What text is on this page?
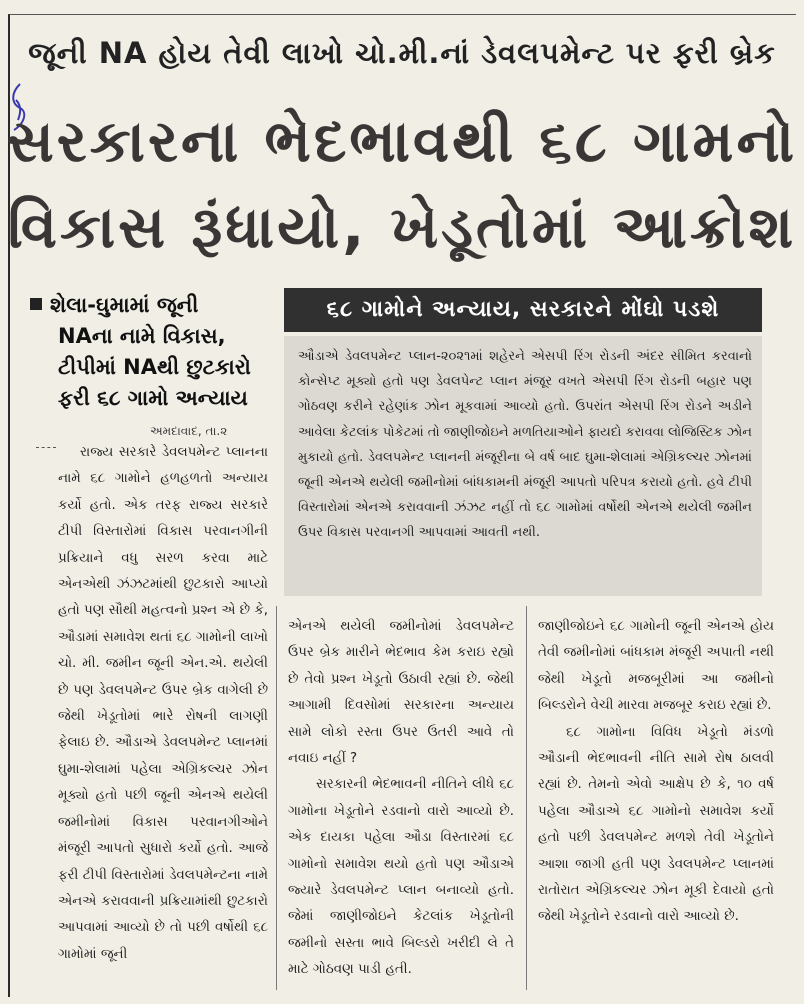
જૂની NA હોય તેવી લાખો ચો.મી.નાં ડેવલપમેન્ટ પર ફરી બ્રેક
સરકારના ભેદભાવથી ૬૮ ગામનો
વિકાસ રૂંધાયો, ખેડૂતોમાં આક્રોશ
શેલા-ઘુમામાં જૂની
NAના નામે વિકાસ,
ટીપીમાં NAથી છુટકારો
ફરી ૬૮ ગામો અન્યાય
૬૮ ગામોને અન્યાય, સરકારને મોંઘો પડશે
ઔડાએ ડેવલપમેન્ટ પ્લાન-૨૦૨૧માં શહેરને એસપી રિંગ રોડની અંદર સીમિત કરવાનો કોન્સેપ્ટ મૂક્યો હતો પણ ડેવલપેન્ટ પ્લાન મંજૂર વખતે એસપી રિંગ રોડની બહાર પણ ગોઠવણ કરીને રહેણાંક ઝોન મૂકવામાં આવ્યો હતો. ઉપરાંત એસપી રિંગ રોડને અડીને આવેલા કેટલાંક પોકેટમાં તો જાણીજોઇને મળતિયાઓને ફાયદો કરાવવા લોજિસ્ટિક ઝોન મુકાયો હતો. ડેવલપમેન્ટ પ્લાનની મંજૂરીના બે વર્ષ બાદ ઘુમા-શેલામાં એગ્રિકલ્ચર ઝોનમાં જૂની એનએ થયેલી જમીનોમાં બાંધકામની મંજૂરી આપતો પરિપત્ર કરાયો હતો. હવે ટીપી વિસ્તારોમાં એનએ કરાવવાની ઝંઝટ નહીં તો ૬૮ ગામોમાં વર્ષોથી એનએ થયેલી જમીન ઉપર વિકાસ પરવાનગી આપવામાં આવતી નથી.
અમદાવાદ, તા.૨

રાજ્ય સરકારે ડેવલપમેન્ટ પ્લાનના નામે ૬૮ ગામોને હળહળતો અન્યાય કર્યો હતો. એક તરફ રાજ્ય સરકારે ટીપી વિસ્તારોમાં વિકાસ પરવાનગીની પ્રક્રિયાને વધુ સરળ કરવા માટે એનએથી ઝંઝટમાંથી છુટકારો આપ્યો હતો પણ સૌથી મહત્વનો પ્રશ્ન એ છે કે, ઔડામાં સમાવેશ થતાં ૬૮ ગામોની લાખો ચો. મી. જમીન જૂની એન.એ. થયેલી છે પણ ડેવલપમેન્ટ ઉપર બ્રેક વાગેલી છે જેથી ખેડૂતોમાં ભારે રોષની લાગણી ફેલાઇ છે. ઔડાએ ડેવલપમેન્ટ પ્લાનમાં ઘુમા-શેલામાં પહેલા એગ્રિકલ્ચર ઝોન મૂક્યો હતો પછી જૂની એનએ થયેલી જમીનોમાં વિકાસ પરવાનગીઓને મંજૂરી આપતો સુધારો કર્યો હતો. આજે ફરી ટીપી વિસ્તારોમાં ડેવલપમેન્ટના નામે એનએ કરાવવાની પ્રક્રિયામાંથી છુટકારો આપવામાં આવ્યો છે તો પછી વર્ષોથી ૬૮ ગામોમાં જૂની

એનએ થયેલી જમીનોમાં ડેવલપમેન્ટ ઉપર બ્રેક મારીને ભેદભાવ કેમ કરાઇ રહ્યો છે તેવો પ્રશ્ન ખેડૂતો ઉઠાવી રહ્યાં છે. જેથી આગામી દિવસોમાં સરકારના અન્યાય સામે લોકો રસ્તા ઉપર ઉતરી આવે તો નવાઇ નહીં ?

સરકારની ભેદભાવની નીતિને લીધે ૬૮ ગામોના ખેડૂતોને રડવાનો વારો આવ્યો છે. એક દાયકા પહેલા ઔડા વિસ્તારમાં ૬૮ ગામોનો સમાવેશ થયો હતો પણ ઔડાએ જ્યારે ડેવલપમેન્ટ પ્લાન બનાવ્યો હતો. જેમાં જાણીજોઇને કેટલાંક ખેડૂતોની જમીનો સસ્તા ભાવે બિલ્ડરો ખરીદી લે તે માટે ગોઠવણ પાડી હતી.

જાણીજોઇને ૬૮ ગામોની જૂની એનએ હોય તેવી જમીનોમાં બાંધકામ મંજૂરી અપાતી નથી જેથી ખેડૂતો મજબૂરીમાં આ જમીનો બિલ્ડરોને વેચી મારવા મજબૂર કરાઇ રહ્યાં છે.

૬૮ ગામોના વિવિધ ખેડૂતો મંડળો ઔડાની ભેદભાવની નીતિ સામે રોષ ઠાલવી રહ્યાં છે. તેમનો એવો આક્ષેપ છે કે, ૧૦ વર્ષ પહેલા ઔડાએ ૬૮ ગામોનો સમાવેશ કર્યો હતો પછી ડેવલપમેન્ટ મળશે તેવી ખેડૂતોને આશા જાગી હતી પણ ડેવલપમેન્ટ પ્લાનમાં રાતોરાત એગ્રિકલ્ચર ઝોન મૂકી દેવાયો હતો જેથી ખેડૂતોને રડવાનો વારો આવ્યો છે.
